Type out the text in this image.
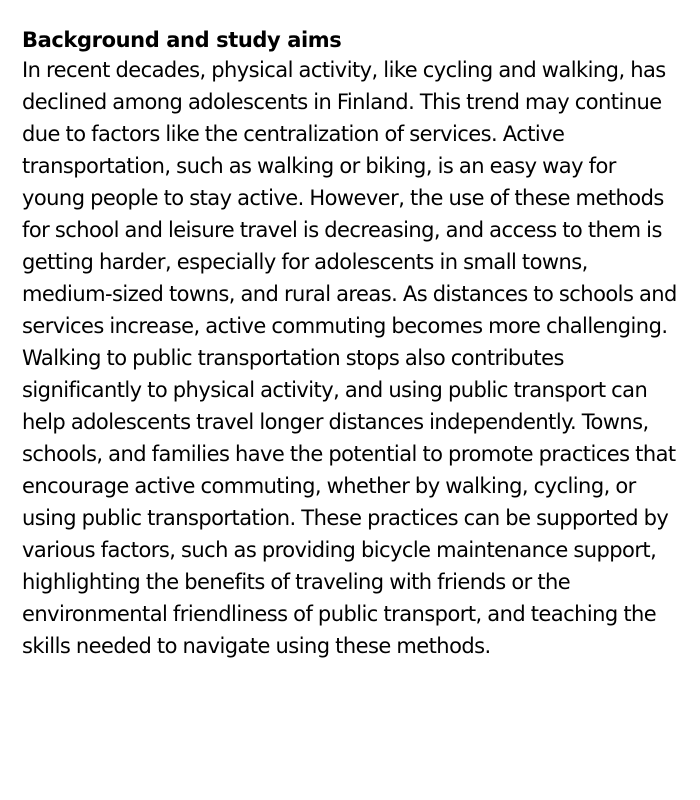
Background and study aims

In recent decades, physical activity, like cycling and walking, has declined among adolescents in Finland. This trend may continue due to factors like the centralization of services. Active transportation, such as walking or biking, is an easy way for young people to stay active. However, the use of these methods for school and leisure travel is decreasing, and access to them is getting harder, especially for adolescents in small towns, medium-sized towns, and rural areas. As distances to schools and services increase, active commuting becomes more challenging. Walking to public transportation stops also contributes significantly to physical activity, and using public transport can help adolescents travel longer distances independently. Towns, schools, and families have the potential to promote practices that encourage active commuting, whether by walking, cycling, or using public transportation. These practices can be supported by various factors, such as providing bicycle maintenance support, highlighting the benefits of traveling with friends or the environmental friendliness of public transport, and teaching the skills needed to navigate using these methods.
